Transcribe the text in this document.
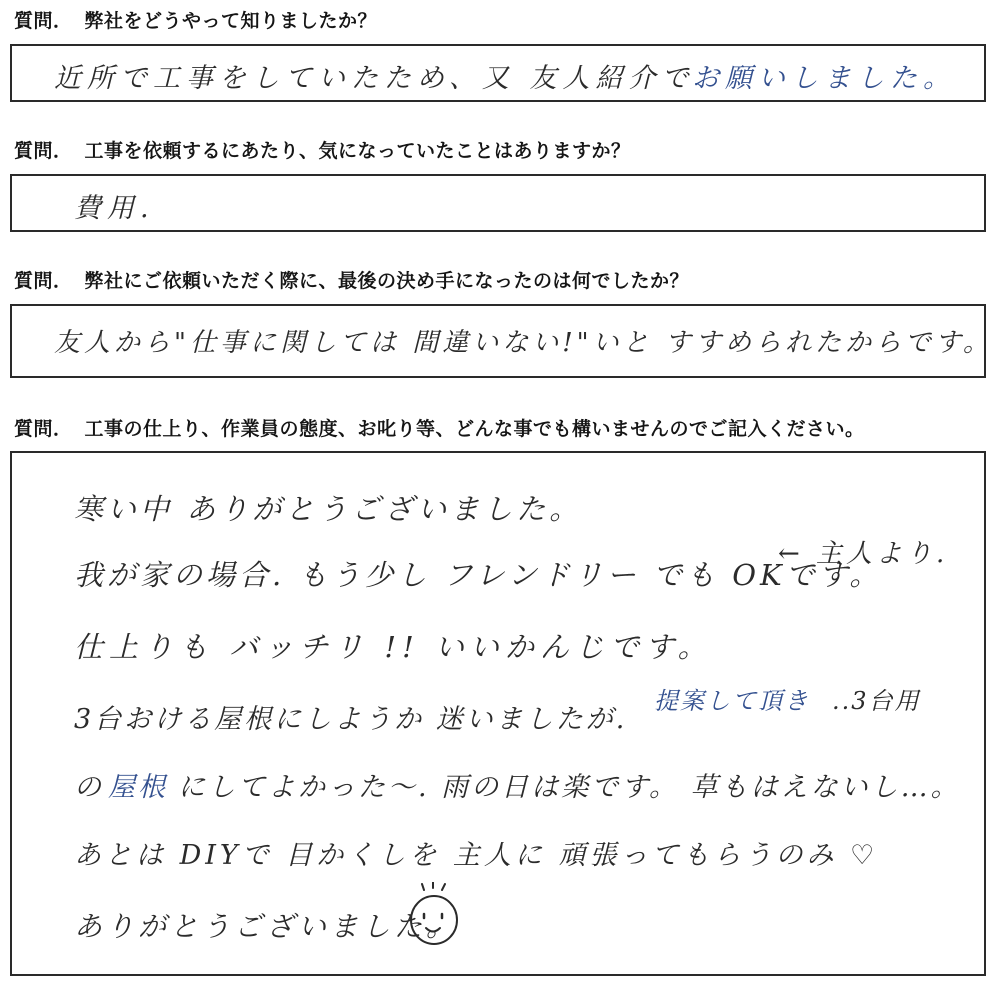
質問． 弊社をどうやって知りましたか？
近所で工事をしていたため、又 友人紹介で
お願いしました。
質問． 工事を依頼するにあたり、気になっていたことはありますか？
費用.
質問． 弊社にご依頼いただく際に、最後の決め手になったのは何でしたか？
友人から"仕事に関しては 間違いない!"いと すすめられたからです。
質問． 工事の仕上り、作業員の態度、お叱り等、どんな事でも構いませんのでご記入ください。
寒い中 ありがとうございました。
我が家の場合. もう少し フレンドリー でも OKです。
← 主人より.
仕上りも バッチリ !! いいかんじです。
3台おける屋根にしようか 迷いましたが.
提案して頂き ..3台用
の 屋根 にしてよかった〜. 雨の日は楽です。 草もはえないし…。
あとは DIYで 目かくしを 主人に 頑張ってもらうのみ ♡
ありがとうございました。
